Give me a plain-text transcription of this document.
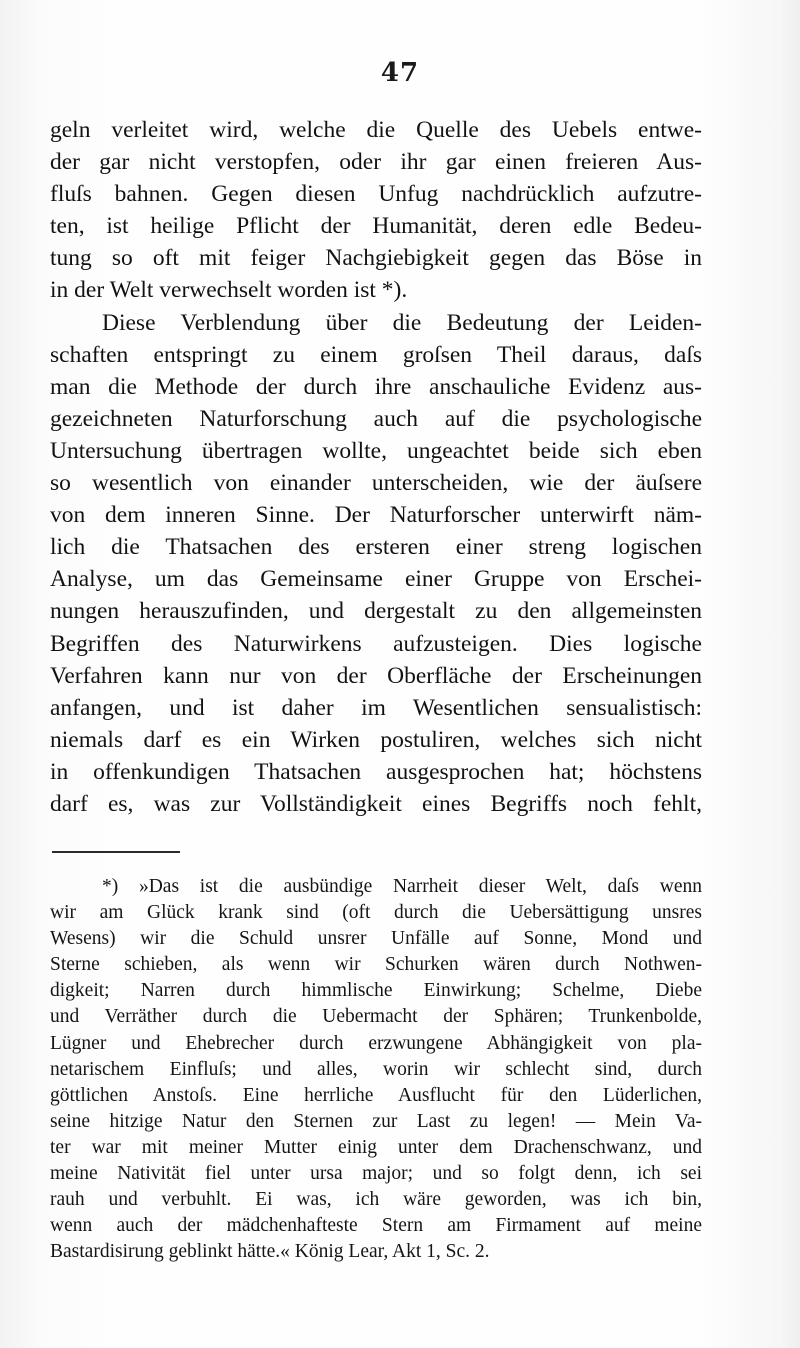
47
geln verleitet wird, welche die Quelle des Uebels entwe-
der gar nicht verstopfen, oder ihr gar einen freieren Aus-
fluſs bahnen. Gegen diesen Unfug nachdrücklich aufzutre-
ten, ist heilige Pflicht der Humanität, deren edle Bedeu-
tung so oft mit feiger Nachgiebigkeit gegen das Böse in
in der Welt verwechselt worden ist *).
Diese Verblendung über die Bedeutung der Leiden-
schaften entspringt zu einem groſsen Theil daraus, daſs
man die Methode der durch ihre anschauliche Evidenz aus-
gezeichneten Naturforschung auch auf die psychologische
Untersuchung übertragen wollte, ungeachtet beide sich eben
so wesentlich von einander unterscheiden, wie der äuſsere
von dem inneren Sinne. Der Naturforscher unterwirft näm-
lich die Thatsachen des ersteren einer streng logischen
Analyse, um das Gemeinsame einer Gruppe von Erschei-
nungen herauszufinden, und dergestalt zu den allgemeinsten
Begriffen des Naturwirkens aufzusteigen. Dies logische
Verfahren kann nur von der Oberfläche der Erscheinungen
anfangen, und ist daher im Wesentlichen sensualistisch:
niemals darf es ein Wirken postuliren, welches sich nicht
in offenkundigen Thatsachen ausgesprochen hat; höchstens
darf es, was zur Vollständigkeit eines Begriffs noch fehlt,
*) »Das ist die ausbündige Narrheit dieser Welt, daſs wenn
wir am Glück krank sind (oft durch die Uebersättigung unsres
Wesens) wir die Schuld unsrer Unfälle auf Sonne, Mond und
Sterne schieben, als wenn wir Schurken wären durch Nothwen-
digkeit; Narren durch himmlische Einwirkung; Schelme, Diebe
und Verräther durch die Uebermacht der Sphären; Trunkenbolde,
Lügner und Ehebrecher durch erzwungene Abhängigkeit von pla-
netarischem Einfluſs; und alles, worin wir schlecht sind, durch
göttlichen Anstoſs. Eine herrliche Ausflucht für den Lüderlichen,
seine hitzige Natur den Sternen zur Last zu legen! — Mein Va-
ter war mit meiner Mutter einig unter dem Drachenschwanz, und
meine Nativität fiel unter ursa major; und so folgt denn, ich sei
rauh und verbuhlt. Ei was, ich wäre geworden, was ich bin,
wenn auch der mädchenhafteste Stern am Firmament auf meine
Bastardisirung geblinkt hätte.« König Lear, Akt 1, Sc. 2.
